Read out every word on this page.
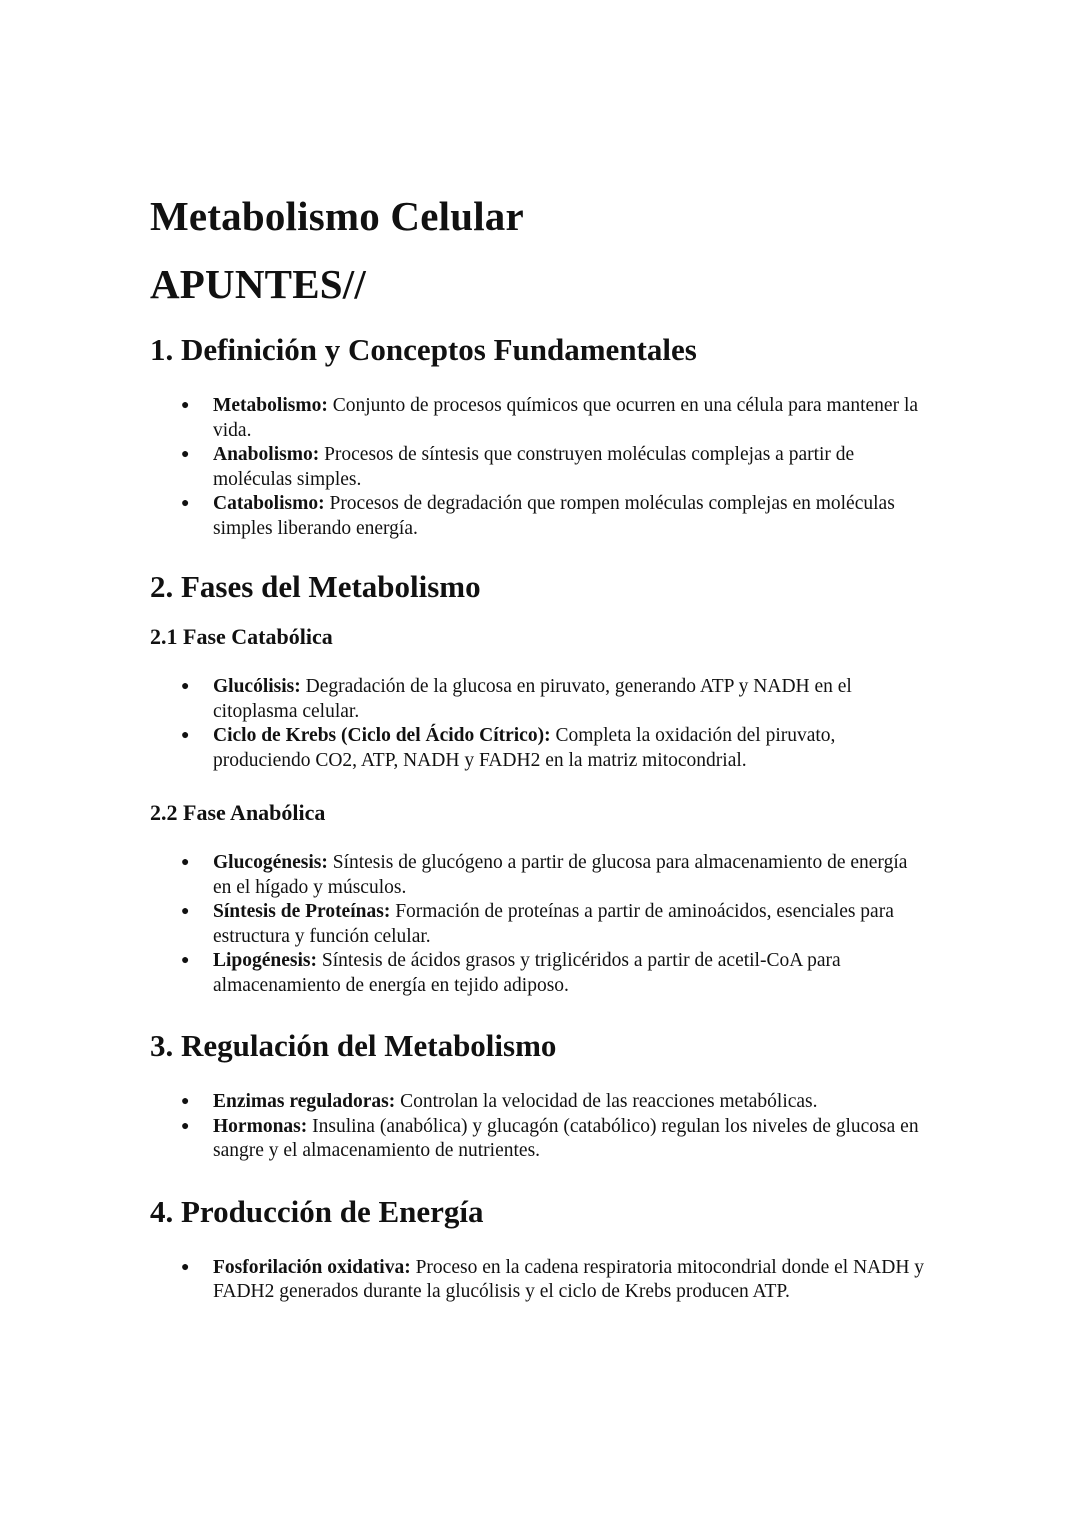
Metabolismo Celular
APUNTES//
1. Definición y Conceptos Fundamentales
● Metabolismo: Conjunto de procesos químicos que ocurren en una célula para mantener la vida.
● Anabolismo: Procesos de síntesis que construyen moléculas complejas a partir de moléculas simples.
● Catabolismo: Procesos de degradación que rompen moléculas complejas en moléculas simples liberando energía.
2. Fases del Metabolismo
2.1 Fase Catabólica
● Glucólisis: Degradación de la glucosa en piruvato, generando ATP y NADH en el citoplasma celular.
● Ciclo de Krebs (Ciclo del Ácido Cítrico): Completa la oxidación del piruvato, produciendo CO2, ATP, NADH y FADH2 en la matriz mitocondrial.
2.2 Fase Anabólica
● Glucogénesis: Síntesis de glucógeno a partir de glucosa para almacenamiento de energía en el hígado y músculos.
● Síntesis de Proteínas: Formación de proteínas a partir de aminoácidos, esenciales para estructura y función celular.
● Lipogénesis: Síntesis de ácidos grasos y triglicéridos a partir de acetil-CoA para almacenamiento de energía en tejido adiposo.
3. Regulación del Metabolismo
● Enzimas reguladoras: Controlan la velocidad de las reacciones metabólicas.
● Hormonas: Insulina (anabólica) y glucagón (catabólico) regulan los niveles de glucosa en sangre y el almacenamiento de nutrientes.
4. Producción de Energía
● Fosforilación oxidativa: Proceso en la cadena respiratoria mitocondrial donde el NADH y FADH2 generados durante la glucólisis y el ciclo de Krebs producen ATP.
